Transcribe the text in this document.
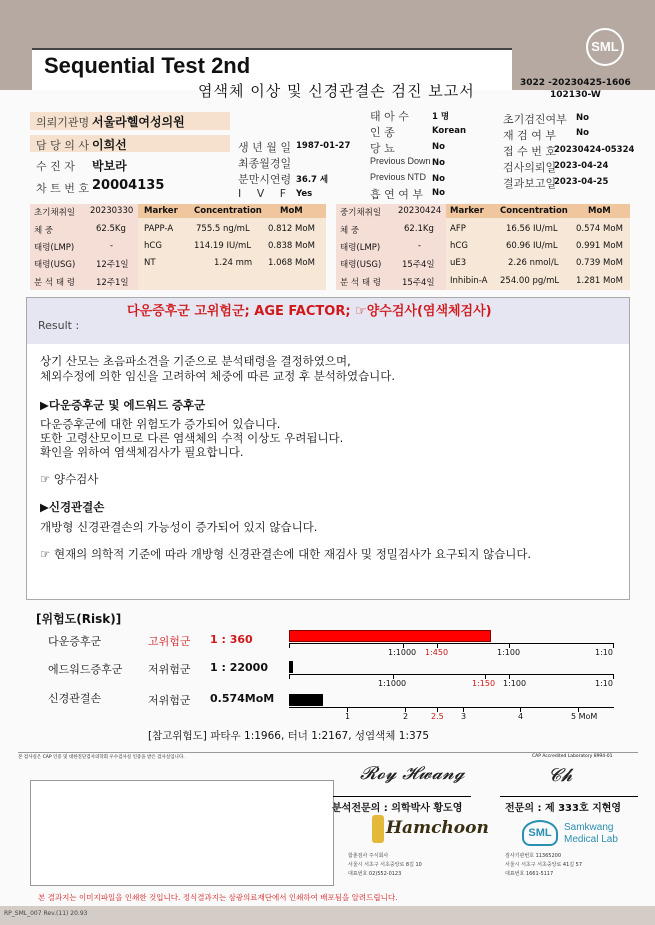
SML
Sequential Test 2nd
염색체 이상 및 신경관결손 검진 보고서	3022 -20230425-1606
102130-W
의뢰기관명 서울라헬여성의원
담 당 의 사 이희선
수 진 자 박보라
차 트 번 호 20004135
생 년 월 일 1987-01-27
최종월경일
분만시연령 36.7 세
I V F Yes
태 아 수	1 명
인 종	Korean
당 뇨	No
Previous Down No
Previous NTD No
흡 연 여 부 No
초기검진여부 No
재 검 여 부 No
접 수 번 호
20230424-05324
검사의뢰일
2023-04-24
결과보고일
2023-04-25
초기채취일 20230330
체 중	62.5Kg
태령(LMP)	-
태령(USG) 12주1일
분 석 태 령 12주1일
Marker Concentration MoM
PAPP-A	755.5 ng/mL 0.812 MoM
hCG	114.19 IU/mL 0.838 MoM
NT	1.24 mm 1.068 MoM
중기채취일 20230424
체 중	62.1Kg
태령(LMP)	-
태령(USG) 15주4일
분 석 태 령 15주4일
Marker Concentration MoM
AFP	16.56 IU/mL 0.574 MoM
hCG	60.96 IU/mL 0.991 MoM
uE3	2.26 nmol/L 0.739 MoM
Inhibin-A 254.00 pg/mL 1.281 MoM
Result :
다운증후군 고위험군; AGE FACTOR; ☞양수검사(염색체검사)
상기 산모는 초음파소견을 기준으로 분석태령을 결정하였으며,
체외수정에 의한 임신을 고려하여 체중에 따른 교정 후 분석하였습니다.
▶다운증후군 및 에드워드 증후군
다운증후군에 대한 위험도가 증가되어 있습니다.
또한 고령산모이므로 다른 염색체의 수적 이상도 우려됩니다.
확인을 위하여 염색체검사가 필요합니다.
☞ 양수검사
▶신경관결손
개방형 신경관결손의 가능성이 증가되어 있지 않습니다.
☞ 현재의 의학적 기준에 따라 개방형 신경관결손에 대한 재검사 및 정밀검사가 요구되지 않습니다.
[위험도(Risk)]
다운증후군	고위험군 1 : 360
1:1000 1:450	1:100	1:10
에드워드증후군 저위험군 1 : 22000
1:1000	1:150 1:100	1:10
신경관결손	저위험군 0.574MoM
1	2	2.5 3	4	5 MoM
[참고위험도] 파타우 1:1966, 터너 1:2167, 성염색체 1:375
본 검사실은 CAP 인증 및 대한진단검사의학회 우수검사실 인증을 받은 검사실입니다.	CAP Accredited Laboratory 8994-01
𝓡𝓸𝔂 𝓗𝔀𝓪𝓷𝓰	𝓒𝓱
분석전문의 : 의학박사 황도영	전문의 : 제 333호 지현영
Hamchoon
함춘검사 주식회사
서울시 서초구 서초중앙로 8길 10
대표번호 02)552-0123
SML	Samkwang
Medical Lab
검사기관번호 11365200
서울시 서초구 서초중앙로 41길 57
대표번호 1661-5117
본 결과지는 이미지파일을 인쇄한 것입니다. 정식결과지는 삼광의료재단에서 인쇄하여 배포됨을 알려드립니다.
RP_SML_007 Rev.(11) 20.93
